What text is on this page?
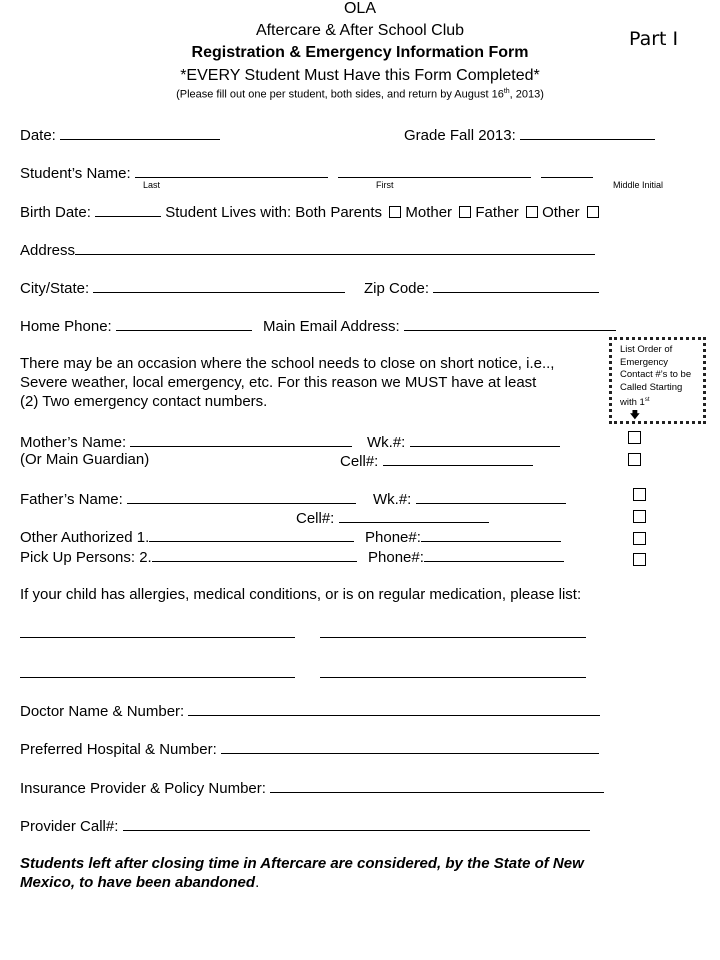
OLA
Aftercare & After School Club
Registration & Emergency Information Form
*EVERY Student Must Have this Form Completed*
(Please fill out one per student, both sides, and return by August 16th, 2013)
Part I
Date:	Grade Fall 2013:
Student’s Name:
Last	First	Middle Initial
Birth Date:	Student Lives with: Both Parents Mother Father Other
Address
City/State:	Zip Code:
Home Phone:	Main Email Address:
There may be an occasion where the school needs to close on short notice, i.e..,
Severe weather, local emergency, etc. For this reason we MUST have at least
(2) Two emergency contact numbers.
List Order of Emergency Contact #’s to be Called Starting with 1st
🡇
Mother’s Name:	Wk.#:
(Or Main Guardian)	Cell#:
Father’s Name:	Wk.#:
Cell#:
Other Authorized 1.	Phone#:
Pick Up Persons: 2.	Phone#:
If your child has allergies, medical conditions, or is on regular medication, please list:
Doctor Name & Number:
Preferred Hospital & Number:
Insurance Provider & Policy Number:
Provider Call#:
Students left after closing time in Aftercare are considered, by the State of New
Mexico, to have been abandoned.
